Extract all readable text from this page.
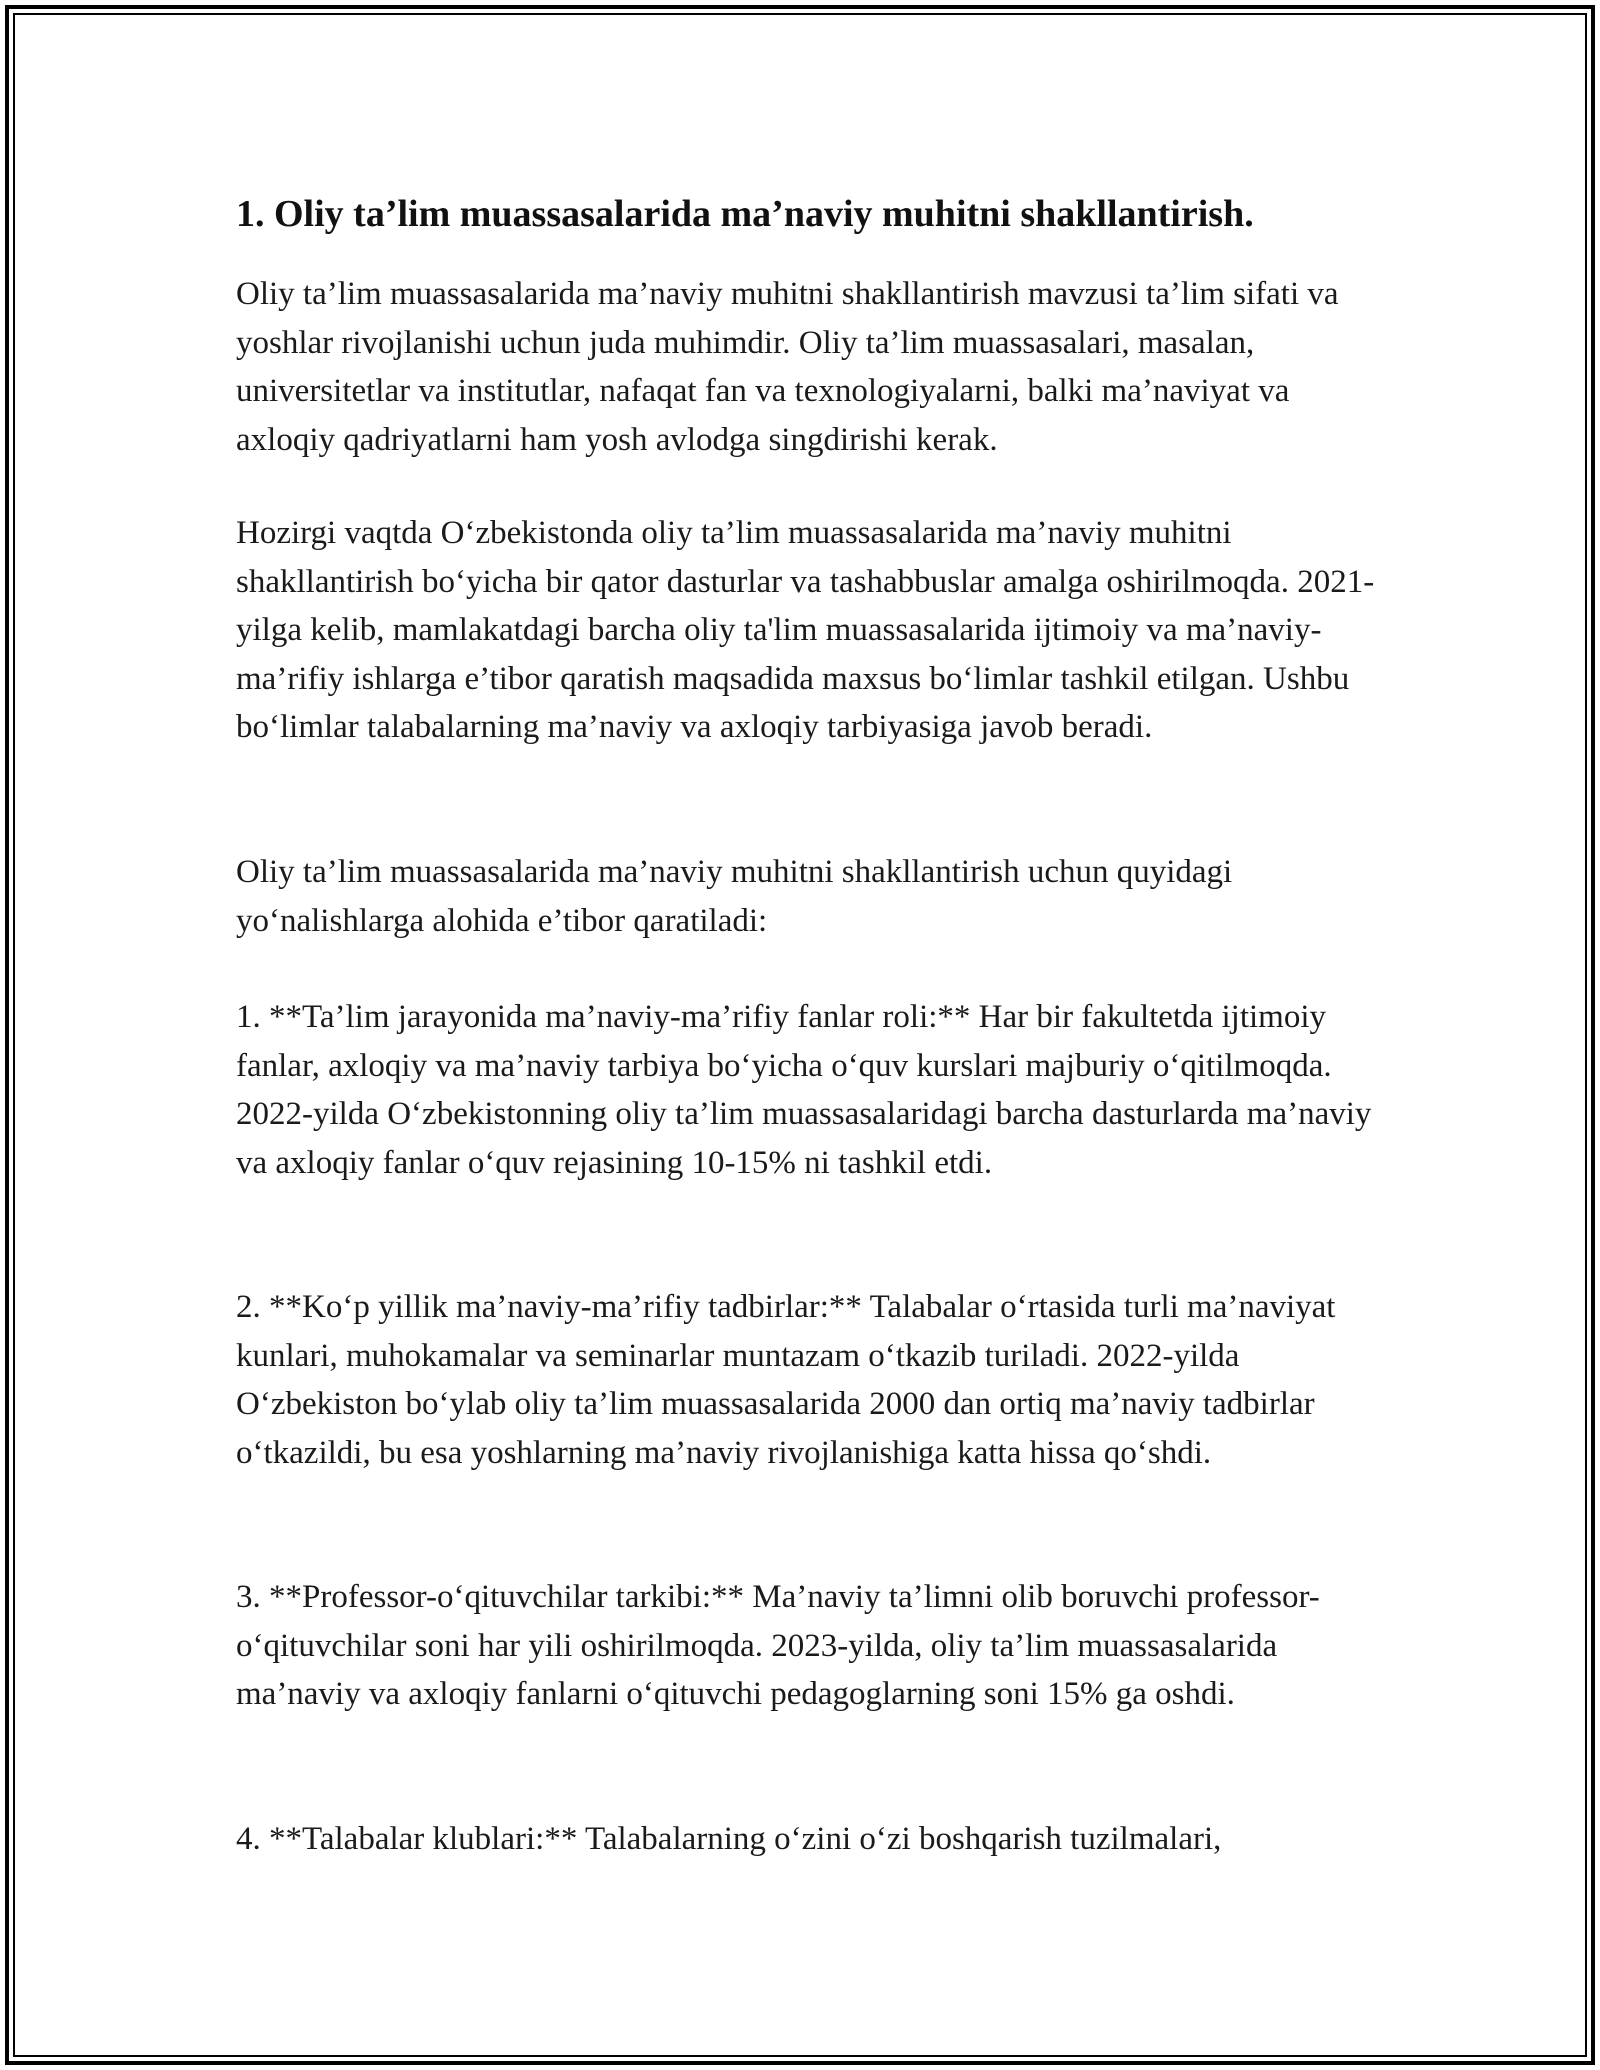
1. Oliy ta’lim muassasalarida ma’naviy muhitni shakllantirish.

Oliy ta’lim muassasalarida ma’naviy muhitni shakllantirish mavzusi ta’lim sifati va yoshlar rivojlanishi uchun juda muhimdir. Oliy ta’lim muassasalari, masalan, universitetlar va institutlar, nafaqat fan va texnologiyalarni, balki ma’naviyat va axloqiy qadriyatlarni ham yosh avlodga singdirishi kerak.

Hozirgi vaqtda O‘zbekistonda oliy ta’lim muassasalarida ma’naviy muhitni shakllantirish bo‘yicha bir qator dasturlar va tashabbuslar amalga oshirilmoqda. 2021-yilga kelib, mamlakatdagi barcha oliy ta'lim muassasalarida ijtimoiy va ma’naviy-ma’rifiy ishlarga e’tibor qaratish maqsadida maxsus bo‘limlar tashkil etilgan. Ushbu bo‘limlar talabalarning ma’naviy va axloqiy tarbiyasiga javob beradi.

Oliy ta’lim muassasalarida ma’naviy muhitni shakllantirish uchun quyidagi yo‘nalishlarga alohida e’tibor qaratiladi:

1. **Ta’lim jarayonida ma’naviy-ma’rifiy fanlar roli:** Har bir fakultetda ijtimoiy fanlar, axloqiy va ma’naviy tarbiya bo‘yicha o‘quv kurslari majburiy o‘qitilmoqda. 2022-yilda O‘zbekistonning oliy ta’lim muassasalaridagi barcha dasturlarda ma’naviy va axloqiy fanlar o‘quv rejasining 10-15% ni tashkil etdi.

2. **Ko‘p yillik ma’naviy-ma’rifiy tadbirlar:** Talabalar o‘rtasida turli ma’naviyat kunlari, muhokamalar va seminarlar muntazam o‘tkazib turiladi. 2022-yilda O‘zbekiston bo‘ylab oliy ta’lim muassasalarida 2000 dan ortiq ma’naviy tadbirlar o‘tkazildi, bu esa yoshlarning ma’naviy rivojlanishiga katta hissa qo‘shdi.

3. **Professor-o‘qituvchilar tarkibi:** Ma’naviy ta’limni olib boruvchi professor-o‘qituvchilar soni har yili oshirilmoqda. 2023-yilda, oliy ta’lim muassasalarida ma’naviy va axloqiy fanlarni o‘qituvchi pedagoglarning soni 15% ga oshdi.

4. **Talabalar klublari:** Talabalarning o‘zini o‘zi boshqarish tuzilmalari,
